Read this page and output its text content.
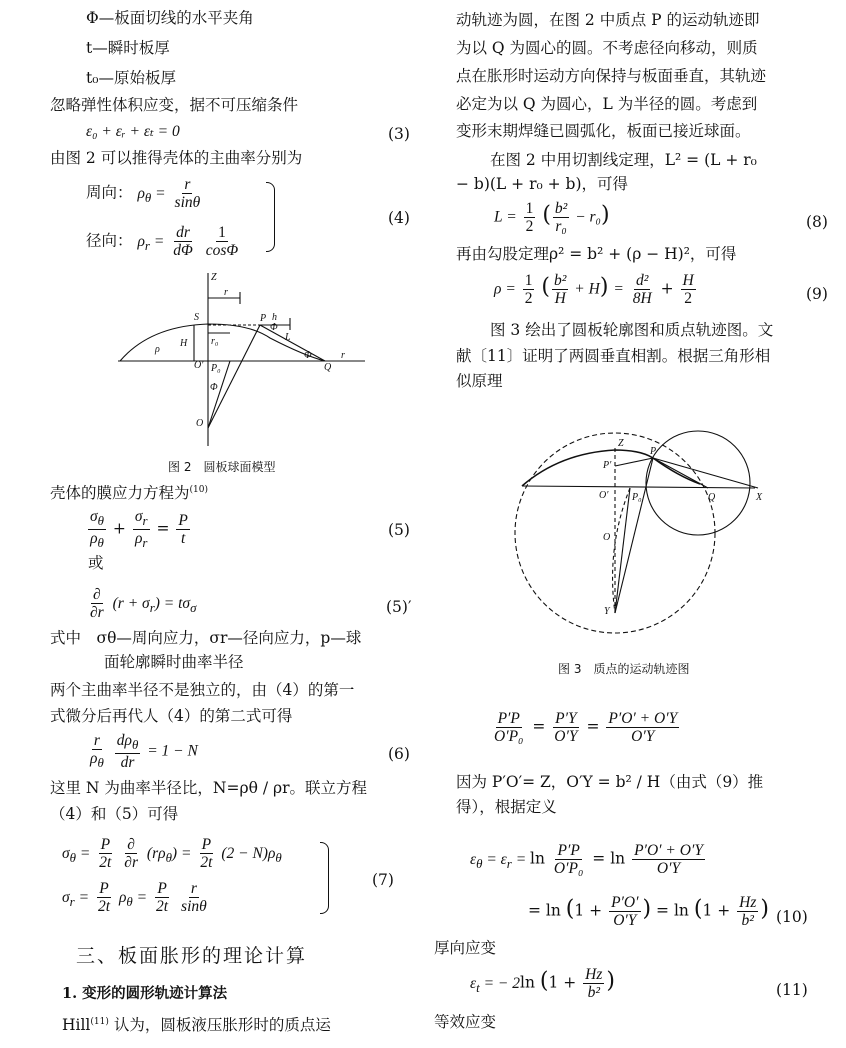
Φ—板面切线的水平夹角
t—瞬时板厚
t₀—原始板厚
忽略弹性体积应变，据不可压缩条件
ε₀ + εᵣ + εₜ = 0	(3)
由图 2 可以推得壳体的主曲率分别为
周向： $\rho_\theta = \frac{r}{\sin\theta}$
径向： $\rho_r = \frac{dr}{d\Phi}$
$\frac{1}{\cos\Phi}$
(4)
Z
r
S	P h
H r₀
ρ
L
Φ
Φ
O′ P₀
Φ
Q
r
O
图 2　圆板球面模型
壳体的膜应力方程为$^{(10)}$
$\frac{\sigma_\theta}{\rho_\theta} + \frac{\sigma_r}{\rho_r} = \frac{P}{t}$	(5)
或
$\frac{\partial}{\partial r} (r + \sigma_r) = t\sigma_\sigma$	(5)′
式中　σθ—周向应力，σr—径向应力，p—球
面轮廓瞬时曲率半径
两个主曲率半径不是独立的，由（4）的第一
式微分后再代人（4）的第二式可得
$\frac{r}{\rho_\theta}$
$\frac{d\rho_\theta}{dr} = 1 - N$	(6)
这里 N 为曲率半径比，N=ρθ / ρr。联立方程
（4）和（5）可得
$\sigma_\theta = \frac{P}{2t}$
$\frac{\partial}{\partial r} (r\rho_\theta) = \frac{P}{2t} (2 - N)\rho_\theta$
$\sigma_r = \frac{P}{2t} \rho_\theta = \frac{P}{2t}$
$\frac{r}{\sin\theta}$	(7)
三、板面胀形的理论计算
1. 变形的圆形轨迹计算法
Hill$^{(11)}$ 认为，圆板液压胀形时的质点运
动轨迹为圆，在图 2 中质点 P 的运动轨迹即
为以 Q 为圆心的圆。不考虑径向移动，则质
点在胀形时运动方向保持与板面垂直，其轨迹
必定为以 Q 为圆心，L 为半径的圆。考虑到
变形末期焊缝已圆弧化，板面已接近球面。
在图 2 中用切割线定理，L² = (L + r₀
− b)(L + r₀ + b)，可得
$L = \frac{1}{2}$ ( $\frac{\text{b²}}{\text{r₀}} - r_0$)	(8)
再由勾股定理ρ² = b² + (ρ − H)²，可得
$\rho = \frac{1}{2}$ ( $\frac{\text{b²}}{H} + H) = \frac{\text{d²}}{8H} + \frac{H}{2}$	(9)
图 3 绘出了圆板轮廓图和质点轨迹图。文
献〔11〕证明了两圆垂直相割。根据三角形相
似原理
Z
P
P′
O′ P₀	Q	X
O
Y
图 3　质点的运动轨迹图
$\frac{P'P}{\text{O′P₀}} = \frac{P'Y}{O'Y} = \frac{P'O' + O'Y}{O'Y}$
因为 P′O′= Z，O′Y = b² / H（由式（9）推
得），根据定义
$\varepsilon_\theta = \varepsilon_r = \ln \frac{P'P}{\text{O′P₀}} = \ln \frac{P'O' + O'Y}{O'Y}$
= $\ln (1 + \frac{P'O'}{O'Y}$ ) = $\ln (1 + \frac{Hz}{\text{b²}}$ ) (10)
厚向应变
$\varepsilon_t$ = − 2ln ($1 + \frac{Hz}{\text{b²}}$ )	(11)
等效应变
